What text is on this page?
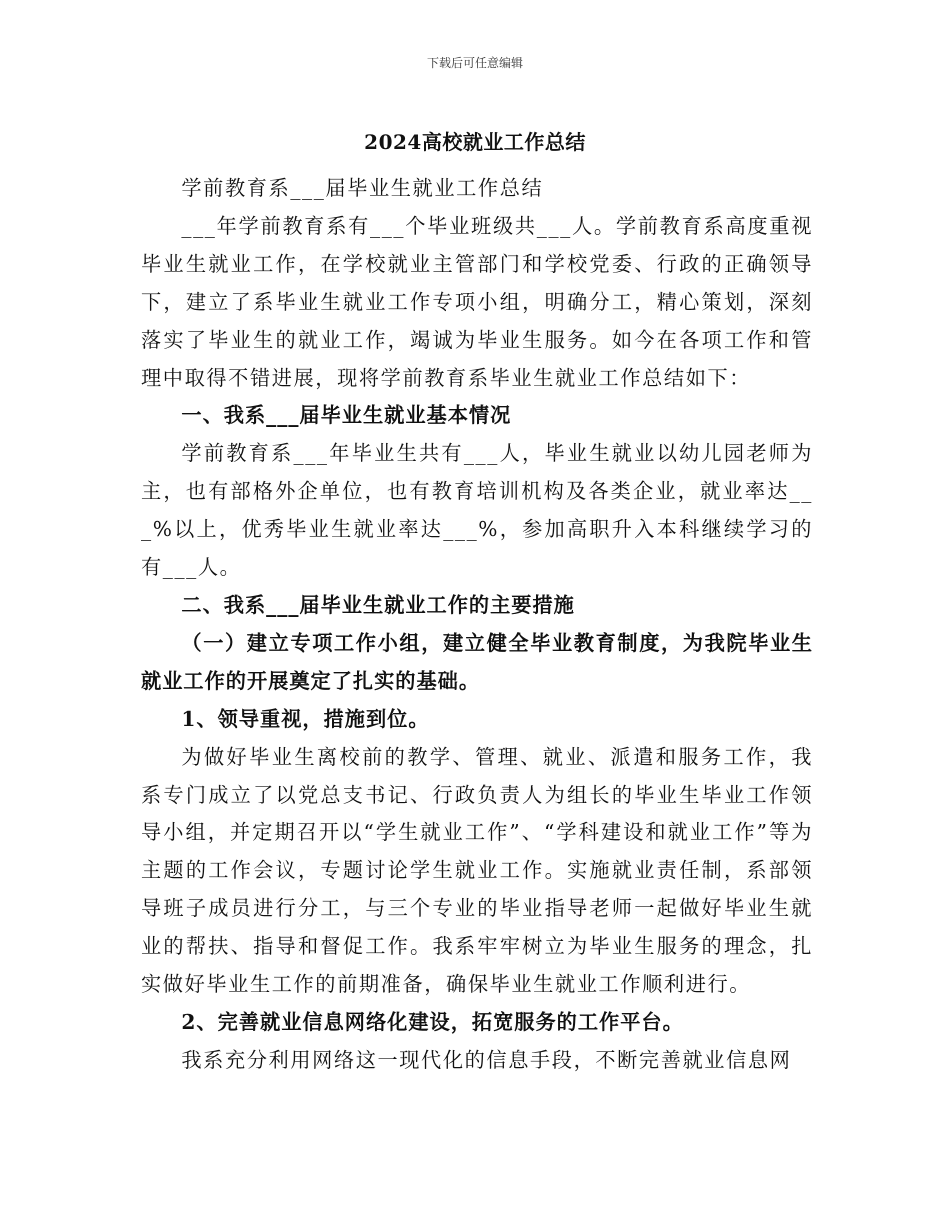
下载后可任意编辑
2024高校就业工作总结

学前教育系___届毕业生就业工作总结

___年学前教育系有___个毕业班级共___人。学前教育系高度重视毕业生就业工作，在学校就业主管部门和学校党委、行政的正确领导下，建立了系毕业生就业工作专项小组，明确分工，精心策划，深刻落实了毕业生的就业工作，竭诚为毕业生服务。如今在各项工作和管理中取得不错进展，现将学前教育系毕业生就业工作总结如下：

一、我系___届毕业生就业基本情况

学前教育系___年毕业生共有___人，毕业生就业以幼儿园老师为主，也有部格外企单位，也有教育培训机构及各类企业，就业率达___%以上，优秀毕业生就业率达___%，参加高职升入本科继续学习的有___人。

二、我系___届毕业生就业工作的主要措施

（一）建立专项工作小组，建立健全毕业教育制度，为我院毕业生就业工作的开展奠定了扎实的基础。

1、领导重视，措施到位。

为做好毕业生离校前的教学、管理、就业、派遣和服务工作，我系专门成立了以党总支书记、行政负责人为组长的毕业生毕业工作领导小组，并定期召开以“学生就业工作”、“学科建设和就业工作”等为主题的工作会议，专题讨论学生就业工作。实施就业责任制，系部领导班子成员进行分工，与三个专业的毕业指导老师一起做好毕业生就业的帮扶、指导和督促工作。我系牢牢树立为毕业生服务的理念，扎实做好毕业生工作的前期准备，确保毕业生就业工作顺利进行。

2、完善就业信息网络化建设，拓宽服务的工作平台。

我系充分利用网络这一现代化的信息手段，不断完善就业信息网
